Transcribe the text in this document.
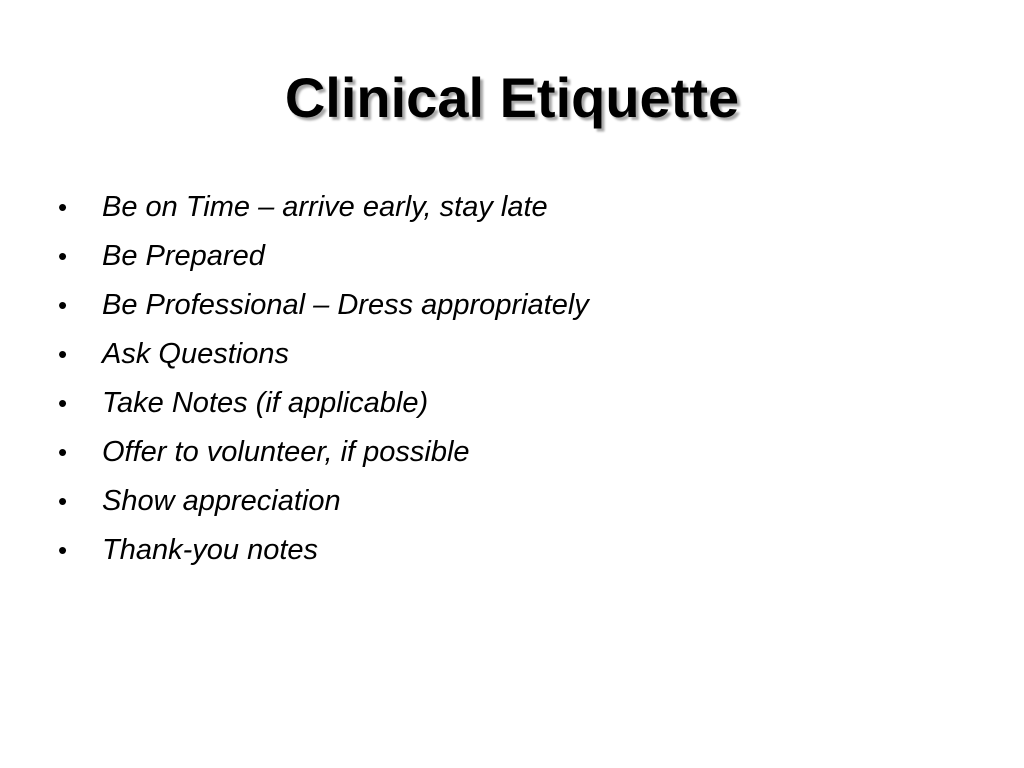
Clinical Etiquette
•	Be on Time – arrive early, stay late
•	Be Prepared
•	Be Professional – Dress appropriately
•	Ask Questions
•	Take Notes (if applicable)
•	Offer to volunteer, if possible
•	Show appreciation
•	Thank-you notes
